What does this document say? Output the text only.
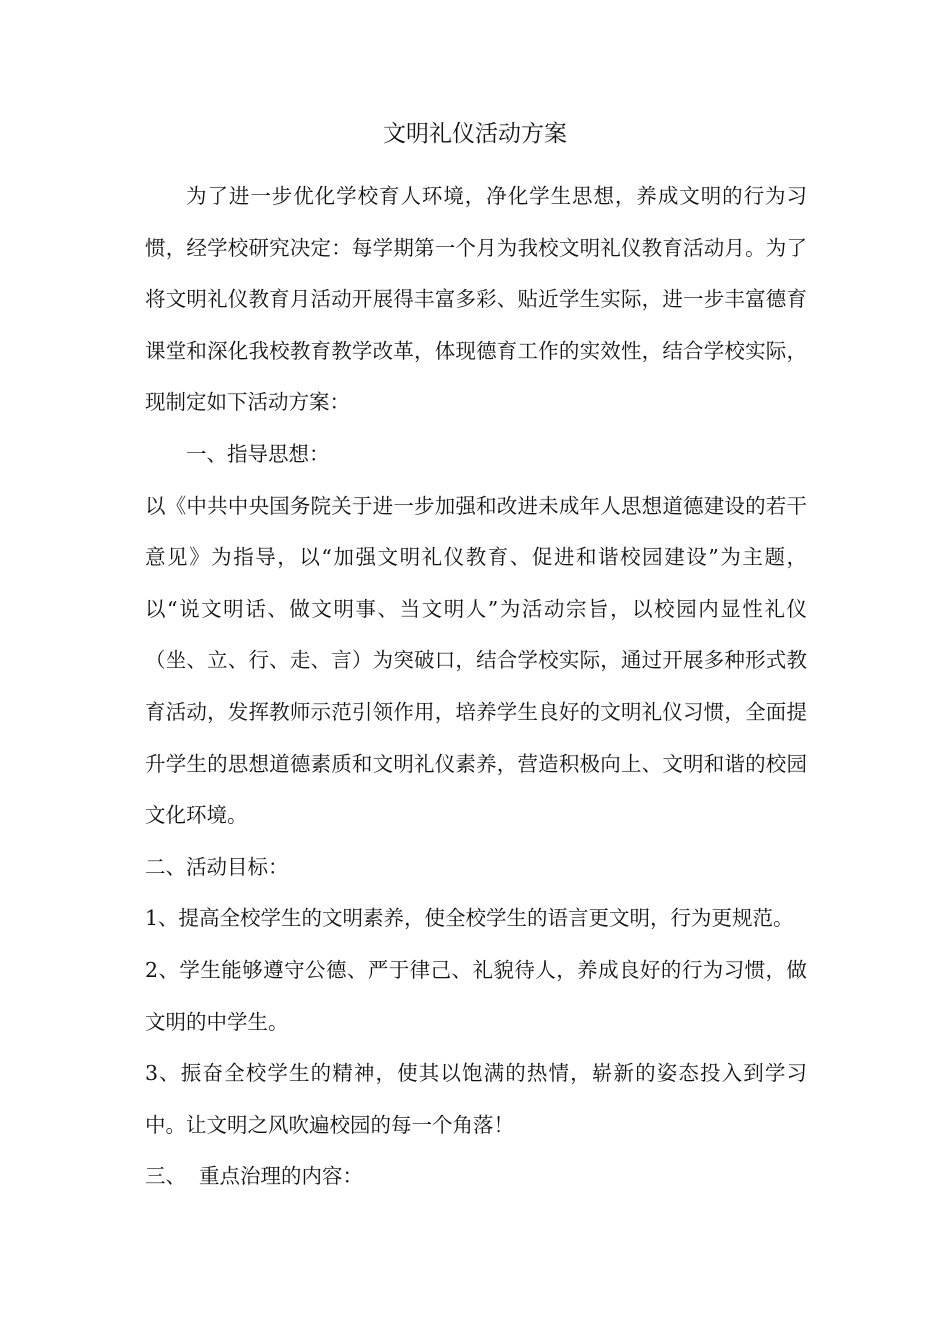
文明礼仪活动方案

为了进一步优化学校育人环境，净化学生思想，养成文明的行为习惯，经学校研究决定：每学期第一个月为我校文明礼仪教育活动月。为了将文明礼仪教育月活动开展得丰富多彩、贴近学生实际，进一步丰富德育课堂和深化我校教育教学改革，体现德育工作的实效性，结合学校实际，现制定如下活动方案：

一、指导思想：

以《中共中央国务院关于进一步加强和改进未成年人思想道德建设的若干意见》为指导，以“加强文明礼仪教育、促进和谐校园建设”为主题，以“说文明话、做文明事、当文明人”为活动宗旨，以校园内显性礼仪（坐、立、行、走、言）为突破口，结合学校实际，通过开展多种形式教育活动，发挥教师示范引领作用，培养学生良好的文明礼仪习惯，全面提升学生的思想道德素质和文明礼仪素养，营造积极向上、文明和谐的校园文化环境。

二、活动目标：

1、提高全校学生的文明素养，使全校学生的语言更文明，行为更规范。

2、学生能够遵守公德、严于律己、礼貌待人，养成良好的行为习惯，做文明的中学生。

3、振奋全校学生的精神，使其以饱满的热情，崭新的姿态投入到学习中。让文明之风吹遍校园的每一个角落！

三、  重点治理的内容：
